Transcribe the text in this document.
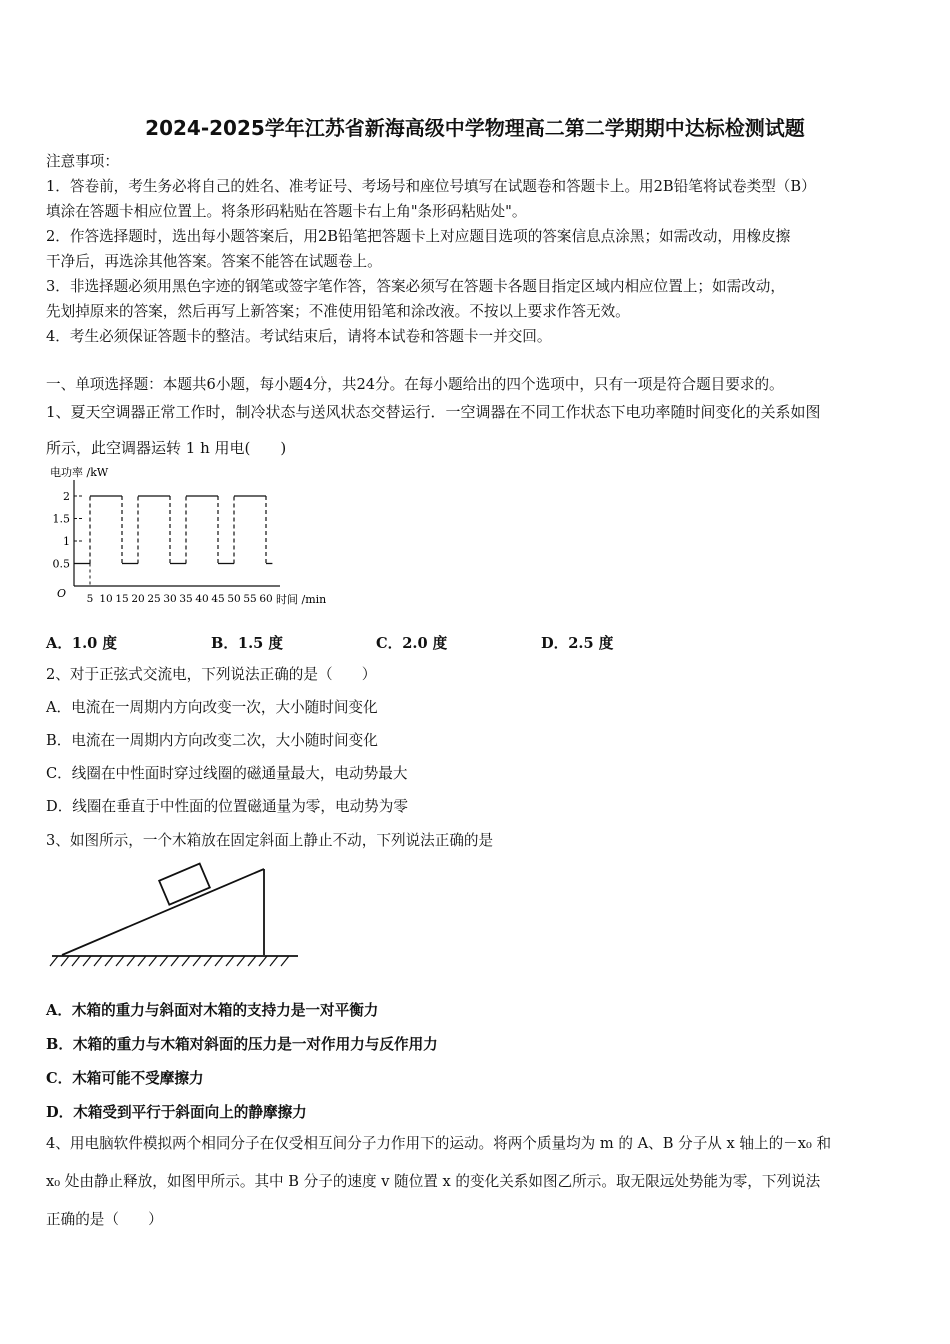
2024-2025学年江苏省新海高级中学物理高二第二学期期中达标检测试题
注意事项：
1．答卷前，考生务必将自己的姓名、准考证号、考场号和座位号填写在试题卷和答题卡上。用2B铅笔将试卷类型（B）
填涂在答题卡相应位置上。将条形码粘贴在答题卡右上角"条形码粘贴处"。
2．作答选择题时，选出每小题答案后，用2B铅笔把答题卡上对应题目选项的答案信息点涂黑；如需改动，用橡皮擦
干净后，再选涂其他答案。答案不能答在试题卷上。
3．非选择题必须用黑色字迹的钢笔或签字笔作答，答案必须写在答题卡各题目指定区域内相应位置上；如需改动，
先划掉原来的答案，然后再写上新答案；不准使用铅笔和涂改液。不按以上要求作答无效。
4．考生必须保证答题卡的整洁。考试结束后，请将本试卷和答题卡一并交回。
一、单项选择题：本题共6小题，每小题4分，共24分。在每小题给出的四个选项中，只有一项是符合题目要求的。
1、夏天空调器正常工作时，制冷状态与送风状态交替运行．一空调器在不同工作状态下电功率随时间变化的关系如图
所示，此空调器运转 1 h 用电(　　)
电功率 /kW
时间 /min
O
0.5
1
1.5
2
5 10 15 20 25 30 35 40 45 50 55 60
A．1.0 度	B．1.5 度	C．2.0 度	D．2.5 度
2、对于正弦式交流电，下列说法正确的是（　　）
A．电流在一周期内方向改变一次，大小随时间变化
B．电流在一周期内方向改变二次，大小随时间变化
C．线圈在中性面时穿过线圈的磁通量最大，电动势最大
D．线圈在垂直于中性面的位置磁通量为零，电动势为零
3、如图所示，一个木箱放在固定斜面上静止不动，下列说法正确的是
A．木箱的重力与斜面对木箱的支持力是一对平衡力
B．木箱的重力与木箱对斜面的压力是一对作用力与反作用力
C．木箱可能不受摩擦力
D．木箱受到平行于斜面向上的静摩擦力
4、用电脑软件模拟两个相同分子在仅受相互间分子力作用下的运动。将两个质量均为 m 的 A、B 分子从 x 轴上的－x₀ 和
x₀ 处由静止释放，如图甲所示。其中 B 分子的速度 v 随位置 x 的变化关系如图乙所示。取无限远处势能为零，下列说法
正确的是（　　）
